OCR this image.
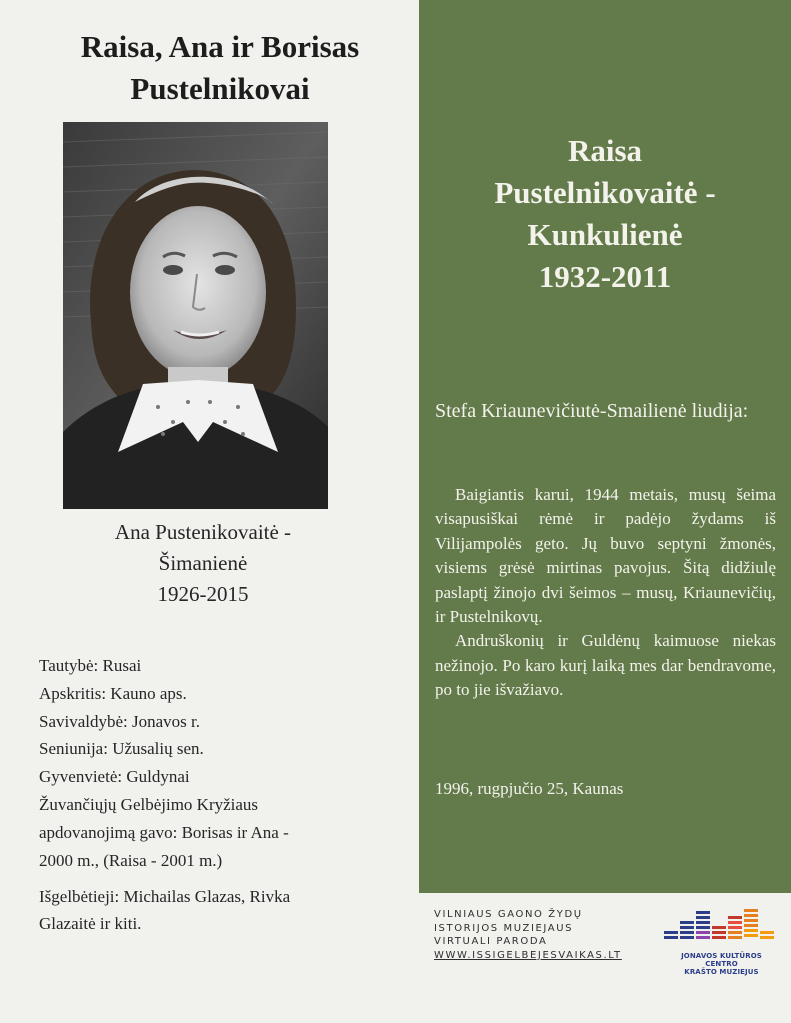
Raisa, Ana ir Borisas
Pustelnikovai
Ana Pustenikovaitė -
Šimanienė
1926-2015
Tautybė: Rusai
Apskritis: Kauno aps.
Savivaldybė: Jonavos r.
Seniunija: Užusalių sen.
Gyvenvietė: Guldynai
Žuvančiųjų Gelbėjimo Kryžiaus
apdovanojimą gavo: Borisas ir Ana -
2000 m., (Raisa - 2001 m.)
Išgelbėtieji: Michailas Glazas, Rivka
Glazaitė ir kiti.
Raisa
Pustelnikovaitė -
Kunkulienė
1932-2011
Stefa Kriaunevičiutė-Smailienė liudija:

Baigiantis karui, 1944 metais, musų šeima visapusiškai rėmė ir padėjo žydams iš Vilijampolės geto. Jų buvo septyni žmonės, visiems grėsė mirtinas pavojus. Šitą didžiulę paslaptį žinojo dvi šeimos – musų, Kriaunevičių, ir Pustelnikovų.

Andruškonių ir Guldėnų kaimuose niekas nežinojo. Po karo kurį laiką mes dar bendravome, po to jie išvažiavo.

1996, rugpjučio 25, Kaunas
VILNIAUS GAONO ŽYDŲ
ISTORIJOS MUZIEJAUS
VIRTUALI PARODA
WWW.ISSIGELBEJESVAIKAS.LT	JONAVOS KULTŪROS CENTRO
KRAŠTO MUZIEJUS
